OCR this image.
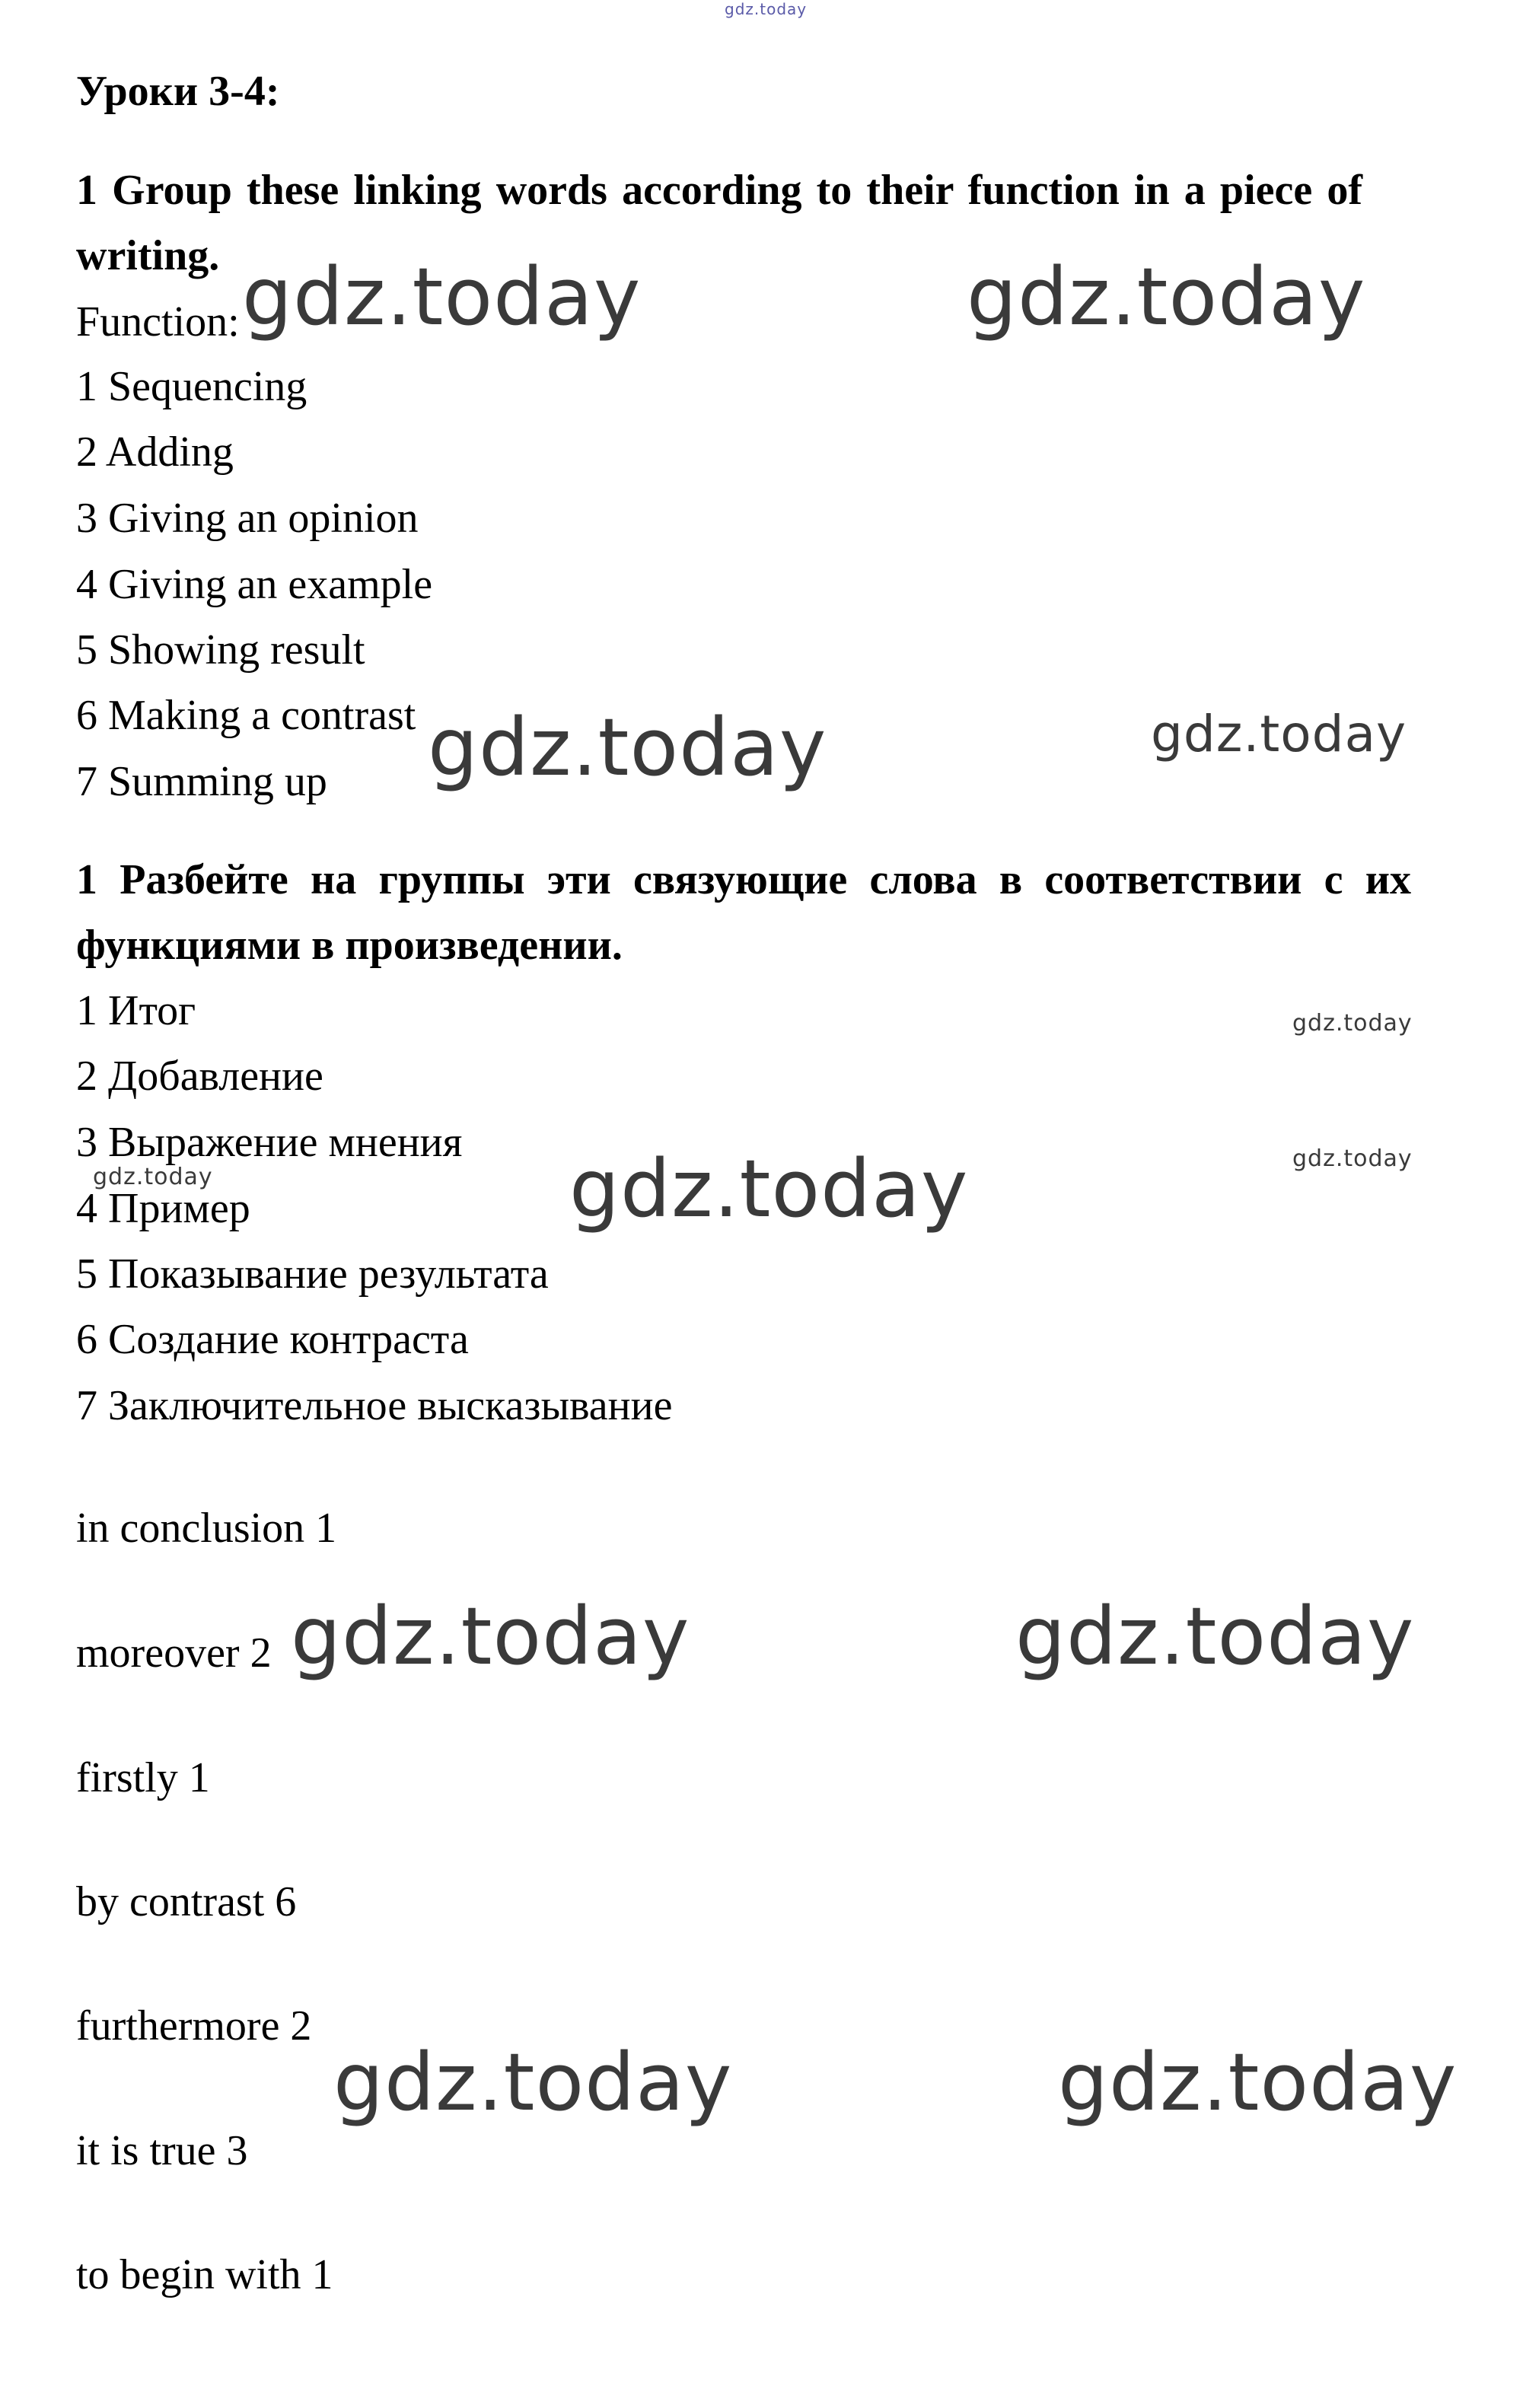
gdz.today
Уроки 3-4:
1 Group these linking words according to their function in a piece of
writing.
Function:
1 Sequencing
2 Adding
3 Giving an opinion
4 Giving an example
5 Showing result
6 Making a contrast
7 Summing up
1 Разбейте на группы эти связующие слова в соответствии с их
функциями в произведении.
1 Итог
2 Добавление
3 Выражение мнения
4 Пример
5 Показывание результата
6 Создание контраста
7 Заключительное высказывание
in conclusion 1
moreover 2
firstly 1
by contrast 6
furthermore 2
it is true 3
to begin with 1
gdz.today	gdz.today
gdz.today	gdz.today
gdz.today
gdz.today
gdz.today	gdz.today
gdz.today	gdz.today
gdz.today	gdz.today
